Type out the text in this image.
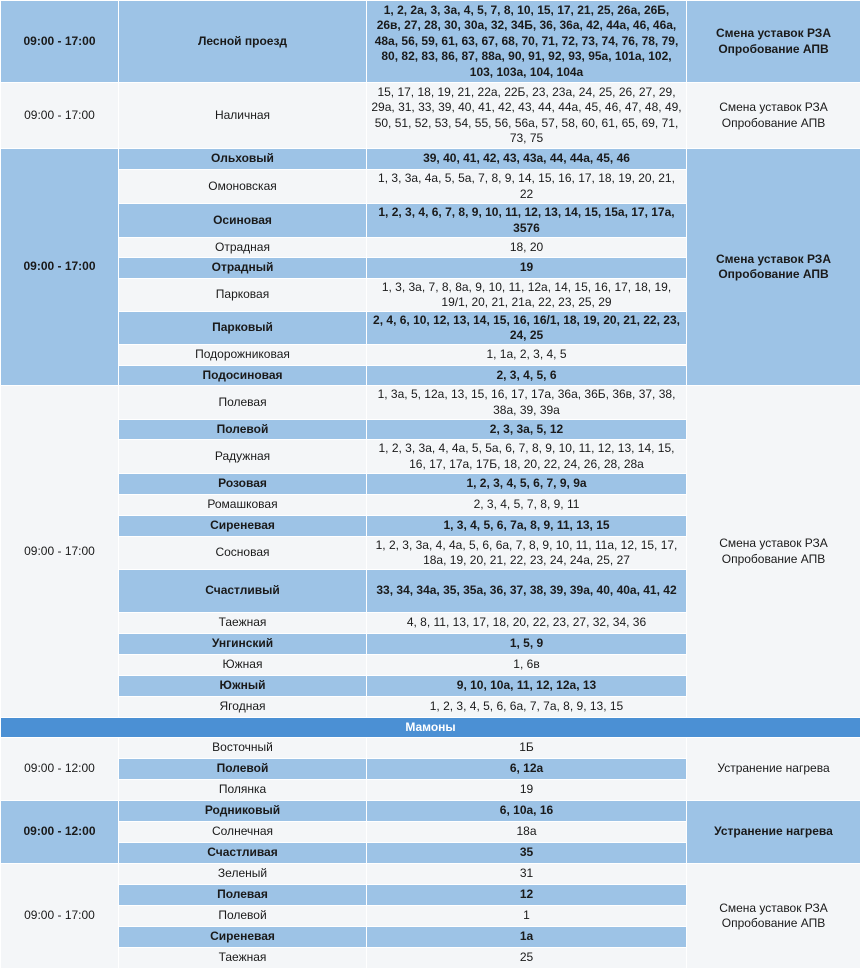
09:00 - 17:00	Лесной проезд	1, 2, 2а, 3, 3а, 4, 5, 7, 8, 10, 15, 17, 21, 25, 26а, 26Б, 26в, 27, 28, 30, 30а, 32, 34Б, 36, 36а, 42, 44а, 46, 46а, 48а, 56, 59, 61, 63, 67, 68, 70, 71, 72, 73, 74, 76, 78, 79, 80, 82, 83, 86, 87, 88а, 90, 91, 92, 93, 95а, 101а, 102, 103, 103а, 104, 104а	Смена уставок РЗА
Опробование АПВ
09:00 - 17:00	Наличная	15, 17, 18, 19, 21, 22а, 22Б, 23, 23а, 24, 25, 26, 27, 29, 29а, 31, 33, 39, 40, 41, 42, 43, 44, 44а, 45, 46, 47, 48, 49, 50, 51, 52, 53, 54, 55, 56, 56а, 57, 58, 60, 61, 65, 69, 71, 73, 75	Смена уставок РЗА
Опробование АПВ
09:00 - 17:00	Ольховый	39, 40, 41, 42, 43, 43а, 44, 44а, 45, 46	Смена уставок РЗА
Опробование АПВ
	Омоновская	1, 3, 3а, 4а, 5, 5а, 7, 8, 9, 14, 15, 16, 17, 18, 19, 20, 21, 22	
	Осиновая	1, 2, 3, 4, 6, 7, 8, 9, 10, 11, 12, 13, 14, 15, 15а, 17, 17а, 3576	
	Отрадная	18, 20	
	Отрадный	19	
	Парковая	1, 3, 3а, 7, 8, 8а, 9, 10, 11, 12а, 14, 15, 16, 17, 18, 19, 19/1, 20, 21, 21а, 22, 23, 25, 29	
	Парковый	2, 4, 6, 10, 12, 13, 14, 15, 16, 16/1, 18, 19, 20, 21, 22, 23, 24, 25	
	Подорожниковая	1, 1а, 2, 3, 4, 5	
	Подосиновая	2, 3, 4, 5, 6	
09:00 - 17:00	Полевая	1, 3а, 5, 12а, 13, 15, 16, 17, 17а, 36а, 36Б, 36в, 37, 38, 38а, 39, 39а	Смена уставок РЗА
Опробование АПВ
	Полевой	2, 3, 3а, 5, 12	
	Радужная	1, 2, 3, 3а, 4, 4а, 5, 5а, 6, 7, 8, 9, 10, 11, 12, 13, 14, 15, 16, 17, 17а, 17Б, 18, 20, 22, 24, 26, 28, 28а	
	Розовая	1, 2, 3, 4, 5, 6, 7, 9, 9а	
	Ромашковая	2, 3, 4, 5, 7, 8, 9, 11	
	Сиреневая	1, 3, 4, 5, 6, 7а, 8, 9, 11, 13, 15	
	Сосновая	1, 2, 3, 3а, 4, 4а, 5, 6, 6а, 7, 8, 9, 10, 11, 11а, 12, 15, 17, 18а, 19, 20, 21, 22, 23, 24, 24а, 25, 27	
	Счастливый	33, 34, 34а, 35, 35а, 36, 37, 38, 39, 39а, 40, 40а, 41, 42	
	Таежная	4, 8, 11, 13, 17, 18, 20, 22, 23, 27, 32, 34, 36	
	Унгинский	1, 5, 9	
	Южная	1, 6в	
	Южный	9, 10, 10а, 11, 12, 12а, 13	
	Ягодная	1, 2, 3, 4, 5, 6, 6а, 7, 7а, 8, 9, 13, 15	
Мамоны			
09:00 - 12:00	Восточный	1Б	Устранение нагрева
	Полевой	6, 12а	
	Полянка	19	
09:00 - 12:00	Родниковый	6, 10а, 16	Устранение нагрева
	Солнечная	18а	
	Счастливая	35	
09:00 - 17:00	Зеленый	31	Смена уставок РЗА
Опробование АПВ
	Полевая	12	
	Полевой	1	
	Сиреневая	1а	
	Таежная	25	
